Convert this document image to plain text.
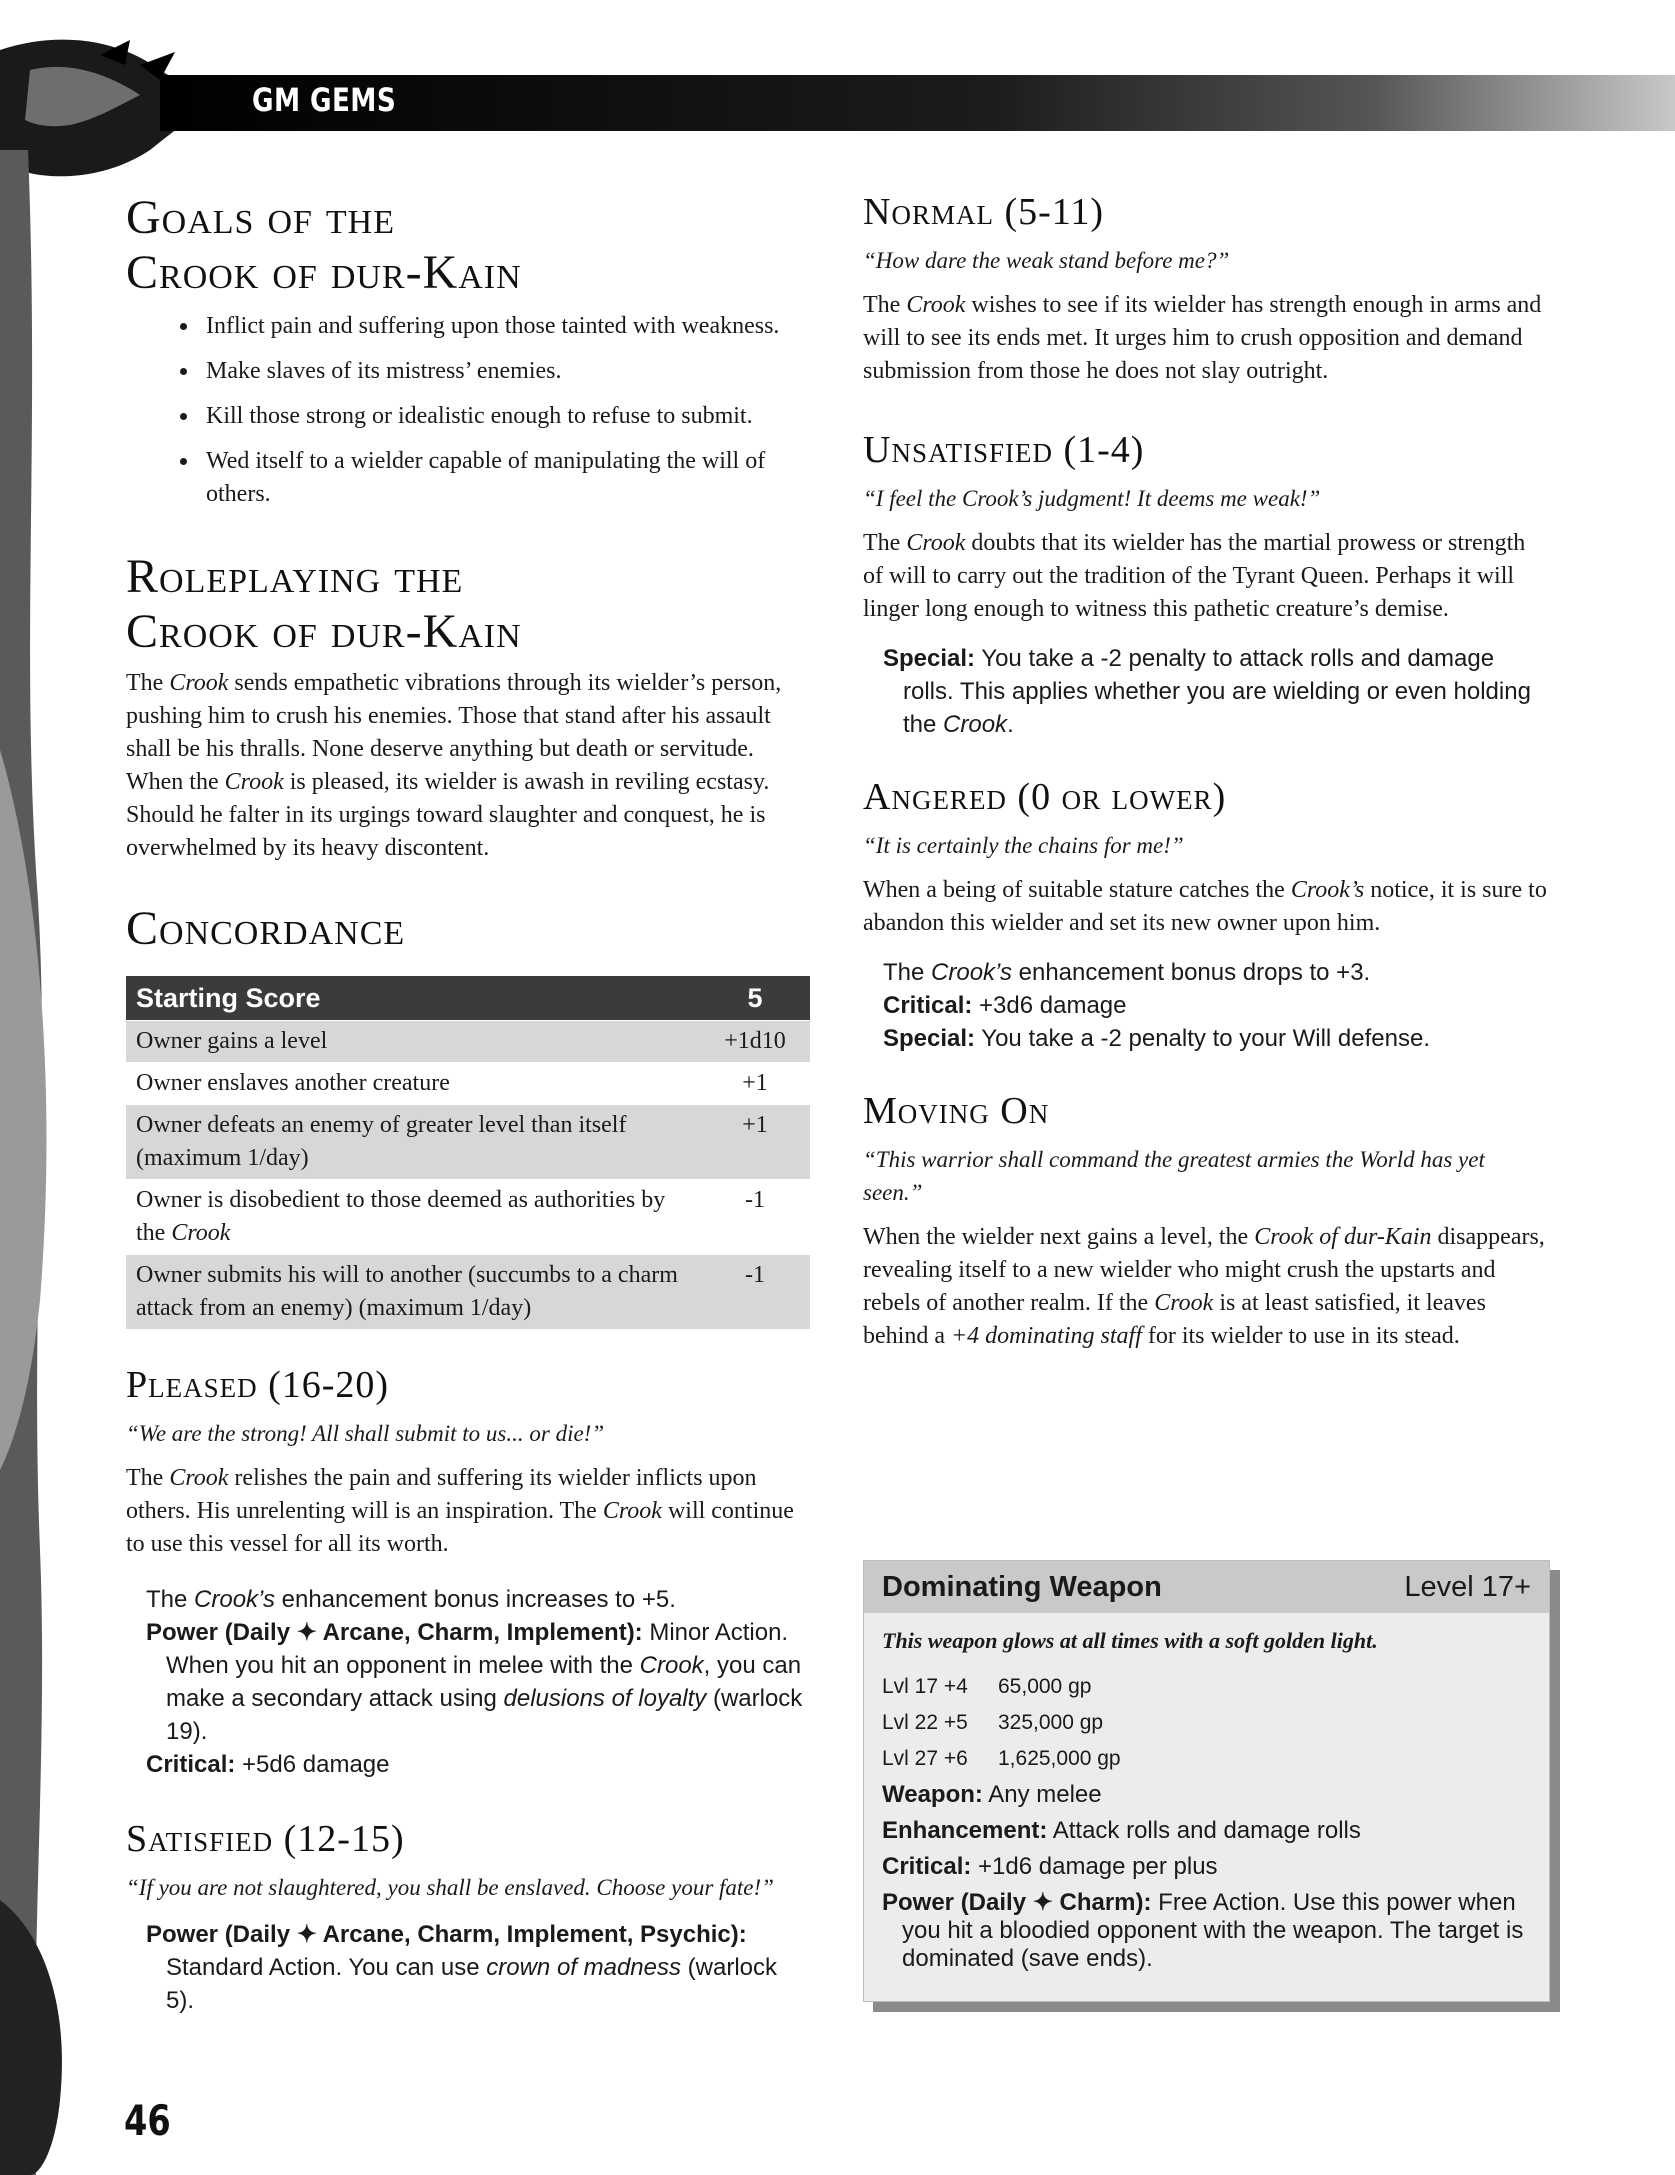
GM GEMS
Goals of the
Crook of dur-Kain
• Inflict pain and suffering upon those tainted with weakness.
• Make slaves of its mistress’ enemies.
• Kill those strong or idealistic enough to refuse to submit.
• Wed itself to a wielder capable of manipulating the will of others.
Roleplaying the
Crook of dur-Kain

The Crook sends empathetic vibrations through its wielder’s person, pushing him to crush his enemies. Those that stand after his assault shall be his thralls. None deserve anything but death or servitude. When the Crook is pleased, its wielder is awash in reviling ecstasy. Should he falter in its urgings toward slaughter and conquest, he is overwhelmed by its heavy discontent.

Concordance
Starting Score	5
Owner gains a level	+1d10
Owner enslaves another creature	+1
Owner defeats an enemy of greater level than itself (maximum 1/day)	+1
Owner is disobedient to those deemed as authorities by the Crook	-1
Owner submits his will to another (succumbs to a charm attack from an enemy) (maximum 1/day)	-1
Pleased (16-20)

“We are the strong! All shall submit to us... or die!”

The Crook relishes the pain and suffering its wielder inflicts upon others. His unrelenting will is an inspiration. The Crook will continue to use this vessel for all its worth.

The Crook’s enhancement bonus increases to +5.

Power (Daily ✦ Arcane, Charm, Implement): Minor Action. When you hit an opponent in melee with the Crook, you can make a secondary attack using delusions of loyalty (warlock 19).

Critical: +5d6 damage

Satisfied (12-15)

“If you are not slaughtered, you shall be enslaved. Choose your fate!”

Power (Daily ✦ Arcane, Charm, Implement, Psychic): Standard Action. You can use crown of madness (warlock 5).

Normal (5-11)

“How dare the weak stand before me?”

The Crook wishes to see if its wielder has strength enough in arms and will to see its ends met. It urges him to crush opposition and demand submission from those he does not slay outright.

Unsatisfied (1-4)

“I feel the Crook’s judgment! It deems me weak!”

The Crook doubts that its wielder has the martial prowess or strength of will to carry out the tradition of the Tyrant Queen. Perhaps it will linger long enough to witness this pathetic creature’s demise.

Special: You take a -2 penalty to attack rolls and damage rolls. This applies whether you are wielding or even holding the Crook.

Angered (0 or lower)

“It is certainly the chains for me!”

When a being of suitable stature catches the Crook’s notice, it is sure to abandon this wielder and set its new owner upon him.

The Crook’s enhancement bonus drops to +3.

Critical: +3d6 damage

Special: You take a -2 penalty to your Will defense.

Moving On

“This warrior shall command the greatest armies the World has yet seen.”

When the wielder next gains a level, the Crook of dur-Kain disappears, revealing itself to a new wielder who might crush the upstarts and rebels of another realm. If the Crook is at least satisfied, it leaves behind a +4 dominating staff for its wielder to use in its stead.

Dominating Weapon	Level 17+
This weapon glows at all times with a soft golden light.
Lvl 17 +4	65,000 gp
Lvl 22 +5	325,000 gp
Lvl 27 +6	1,625,000 gp

Weapon: Any melee

Enhancement: Attack rolls and damage rolls

Critical: +1d6 damage per plus

Power (Daily ✦ Charm): Free Action. Use this power when you hit a bloodied opponent with the weapon. The target is dominated (save ends).

46
